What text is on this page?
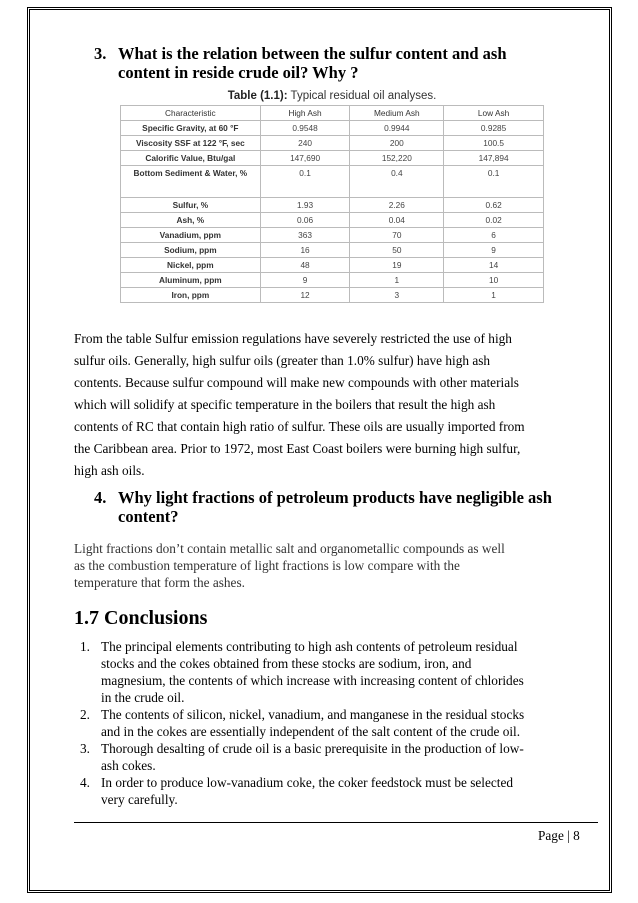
3. What is the relation between the sulfur content and ash
content in reside crude oil? Why ?
Table (1.1): Typical residual oil analyses.
Characteristic	High Ash	Medium Ash	Low Ash
Specific Gravity, at 60 °F	0.9548	0.9944	0.9285
Viscosity SSF at 122 °F, sec	240	200	100.5
Calorific Value, Btu/gal	147,690	152,220	147,894
Bottom Sediment & Water, %	0.1	0.4	0.1
Sulfur, %	1.93	2.26	0.62
Ash, %	0.06	0.04	0.02
Vanadium, ppm	363	70	6
Sodium, ppm	16	50	9
Nickel, ppm	48	19	14
Aluminum, ppm	9	1	10
Iron, ppm	12	3	1
From the table Sulfur emission regulations have severely restricted the use of high
sulfur oils. Generally, high sulfur oils (greater than 1.0% sulfur) have high ash
contents. Because sulfur compound will make new compounds with other materials
which will solidify at specific temperature in the boilers that result the high ash
contents of RC that contain high ratio of sulfur. These oils are usually imported from
the Caribbean area. Prior to 1972, most East Coast boilers were burning high sulfur,
high ash oils.
4. Why light fractions of petroleum products have negligible ash
content?
Light fractions don’t contain metallic salt and organometallic compounds as well
as the combustion temperature of light fractions is low compare with the
temperature that form the ashes.
1.7 Conclusions
1. The principal elements contributing to high ash contents of petroleum residual
stocks and the cokes obtained from these stocks are sodium, iron, and
magnesium, the contents of which increase with increasing content of chlorides
in the crude oil.
2. The contents of silicon, nickel, vanadium, and manganese in the residual stocks
and in the cokes are essentially independent of the salt content of the crude oil.
3. Thorough desalting of crude oil is a basic prerequisite in the production of low-
ash cokes.
4. In order to produce low-vanadium coke, the coker feedstock must be selected
very carefully.
Page | 8
